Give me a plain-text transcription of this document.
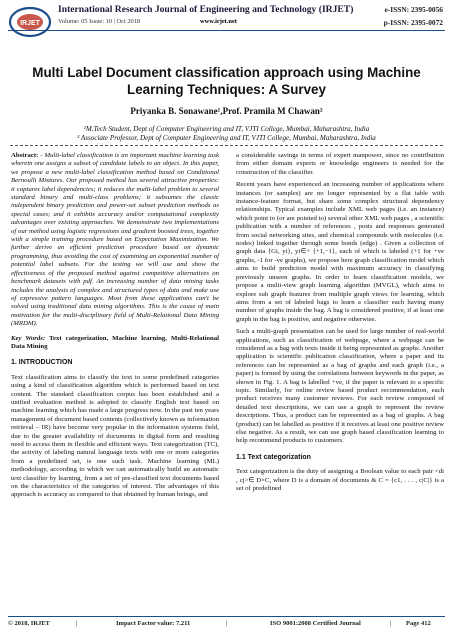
IRJET
International Research Journal of Engineering and Technology (IRJET)
Volume: 05 Issue: 10 | Oct 2018	www.irjet.net
e-ISSN: 2395-0056
p-ISSN: 2395-0072
Multi Label Document classification approach using Machine Learning Techniques: A Survey
Priyanka B. Sonawane¹,Prof. Pramila M Chawan²
¹M.Tech Student, Dept of Computer Engineering and IT, VJTI College, Mumbai, Maharashtra, India
² Associate Professor, Dept of Computer Engineering and IT, VJTI College, Mumbai, Maharashtra, India

Abstract: - Multi-label classification is an important machine learning task wherein one assigns a subset of candidate labels to an object. In this paper, we propose a new multi-label classification method based on Conditional Bernoulli Mixtures. Our proposed method has several attractive properties: it captures label dependencies; it reduces the multi-label problem to several standard binary and multi-class problems; it subsumes the classic independent binary prediction and power-set subset prediction methods as special cases; and it exhibits accuracy and/or computational complexity advantages over existing approaches. We demonstrate two implementations of our method using logistic regressions and gradient boosted trees, together with a simple training procedure based on Expectation Maximization. We further derive an efficient prediction procedure based on dynamic programming, thus avoiding the cost of examining an exponential number of potential label subsets. For the testing we will use and show the effectiveness of the proposed method against competitive alternatives on benchmark datasets with pdf. An increasing number of data mining tasks includes the analysis of complex and structured types of data and make use of expressive pattern languages. Most from these applications can't be solved using traditional data mining algorithms. This is the cause of main motivation for the multi-disciplinary field of Multi-Relational Data Mining (MRDM).

Key Words: Text categorization, Machine learning, Multi-Relational Data Mining

1. INTRODUCTION

Text classification aims to classify the text to some predefined categories using a kind of classification algorithm which is performed based on text content. The standard classification corpus has been established and a unified evaluation method is adopted to classify English text based on machine learning which has made a large progress now. In the past ten years management of document based contents (collectively known as information retrieval – IR) have become very popular in the information systems field, due to the greater availability of documents in digital form and resulting need to access them in flexible and efficient ways. Text categorization (TC), the activity of labeling natural language texts with one or more categories from a predefined set, is one such task. Machine learning (ML) methodology, according to which we can automatically build an automatic text classifier by learning, from a set of pre-classified text documents based on the characteristics of the categories of interest. The advantages of this approach is accuracy as compared to that obtained by human beings, and

a considerable savings in terms of expert manpower, since no contribution from either domain experts or knowledge engineers is needed for the construction of the classifier.

Recent years have experienced an increasing number of applications where instances (or samples) are no longer represented by a flat table with instance-feature format, but share some complex structural dependency relationships. Typical examples include XML web pages (i.e. an instance) which point to (or are pointed to) several other XML web pages , a scientific publication with a number of references , posts and responses generated from social networking sites, and chemical compounds with molecules (i.e. nodes) linked together through some bonds (edge) . Given a collection of graph data {Gi, yi}, yi∈+ {+1,−1}, each of which is labeled (+1 for +ve graphs, -1 for -ve graphs), we propose here graph classification model which aims to build prediction model with maximum accuracy in classifying previously unseen graphs. In order to learn classification models, we propose a multi-view graph learning algorithm (MVGL), which aims to explore sub graph features from multiple graph views for learning, which aims from a set of labeled bags to learn a classifier each having many number of graphs inside the bag. A bag is considered positive, if at least one graph in the bag is positive, and negative otherwise.

Such a multi-graph presentation can be used for large number of real-world applications, such as classification of webpage, where a webpage can be considered as a bag with texts inside it being represented as graphs. Another application is scientific publication classification, where a paper and its references can be represented as a bag of graphs and each graph (i.e., a paper) is formed by using the correlations between keywords in the paper, as shown in Fig. 1. A bag is labelled +ve, if the paper is relevant to a specific topic. Similarly, for online review based product recommendation, each product receives many customer reviews. For each review composed of detailed text descriptions, we can use a graph to represent the review descriptions. Thus, a product can be represented as a bag of graphs. A bag (product) can be labelled as positive if it receives at least one positive review else negative. As a result, we can use graph based classification learning to help recommend products to customers.

1.1 Text categorization

Text categorization is the duty of assigning a Boolean value to each pair <di , cj>∈ D×C, where D is a domain of documents & C = {c1, . . . , c|C|} is a set of predefined

© 2018, IRJET	|	Impact Factor value: 7.211	|	ISO 9001:2008 Certified Journal	| Page 412
